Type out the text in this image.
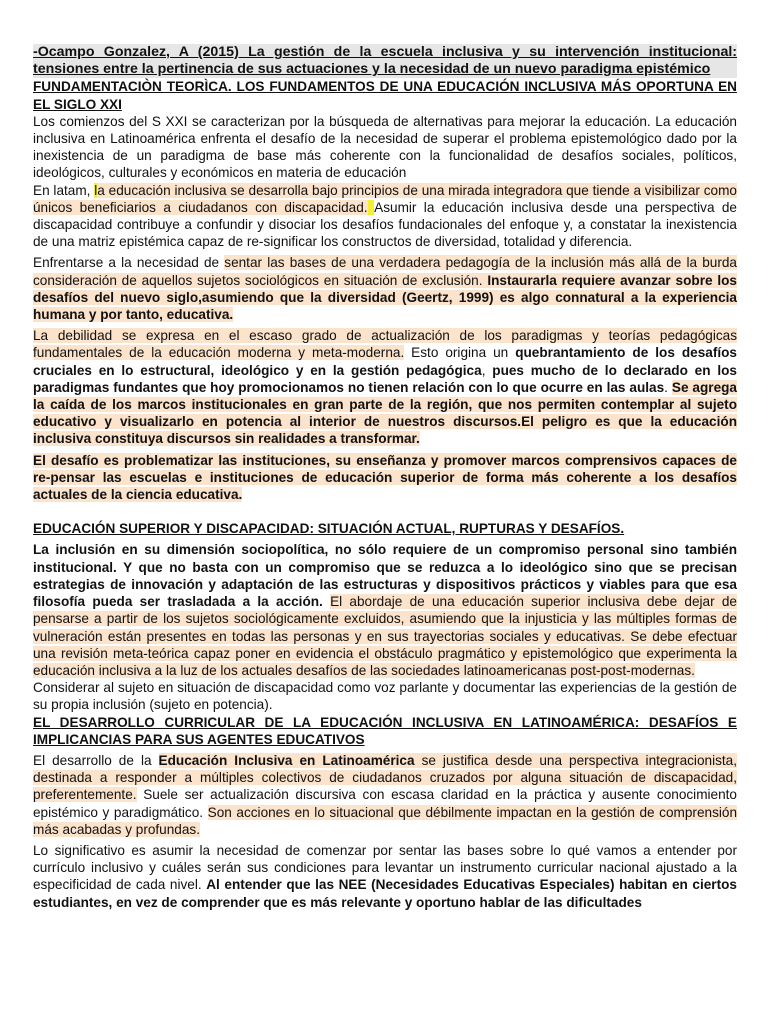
-Ocampo Gonzalez, A (2015) La gestión de la escuela inclusiva y su intervención institucional: tensiones entre la pertinencia de sus actuaciones y la necesidad de un nuevo paradigma epistémico

FUNDAMENTACIÒN TEORÌCA. LOS FUNDAMENTOS DE UNA EDUCACIÓN INCLUSIVA MÁS OPORTUNA EN EL SIGLO XXI

Los comienzos del S XXI se caracterizan por la búsqueda de alternativas para mejorar la educación. La educación inclusiva en Latinoamérica enfrenta el desafío de la necesidad de superar el problema epistemológico dado por la inexistencia de un paradigma de base más coherente con la funcionalidad de desafíos sociales, políticos, ideológicos, culturales y económicos en materia de educación

En latam, la educación inclusiva se desarrolla bajo principios de una mirada integradora que tiende a visibilizar como únicos beneficiarios a ciudadanos con discapacidad. Asumir la educación inclusiva desde una perspectiva de discapacidad contribuye a confundir y disociar los desafíos fundacionales del enfoque y, a constatar la inexistencia de una matriz epistémica capaz de re-significar los constructos de diversidad, totalidad y diferencia.

Enfrentarse a la necesidad de sentar las bases de una verdadera pedagogía de la inclusión más allá de la burda consideración de aquellos sujetos sociológicos en situación de exclusión. Instaurarla requiere avanzar sobre los desafíos del nuevo siglo,asumiendo que la diversidad (Geertz, 1999) es algo connatural a la experiencia humana y por tanto, educativa.

La debilidad se expresa en el escaso grado de actualización de los paradigmas y teorías pedagógicas fundamentales de la educación moderna y meta-moderna. Esto origina un quebrantamiento de los desafíos cruciales en lo estructural, ideológico y en la gestión pedagógica, pues mucho de lo declarado en los paradigmas fundantes que hoy promocionamos no tienen relación con lo que ocurre en las aulas. Se agrega la caída de los marcos institucionales en gran parte de la región, que nos permiten contemplar al sujeto educativo y visualizarlo en potencia al interior de nuestros discursos.El peligro es que la educación inclusiva constituya discursos sin realidades a transformar.

El desafío es problematizar las instituciones, su enseñanza y promover marcos comprensivos capaces de re-pensar las escuelas e instituciones de educación superior de forma más coherente a los desafíos actuales de la ciencia educativa.

EDUCACIÓN SUPERIOR Y DISCAPACIDAD: SITUACIÓN ACTUAL, RUPTURAS Y DESAFÍOS.

La inclusión en su dimensión sociopolítica, no sólo requiere de un compromiso personal sino también institucional. Y que no basta con un compromiso que se reduzca a lo ideológico sino que se precisan estrategias de innovación y adaptación de las estructuras y dispositivos prácticos y viables para que esa filosofía pueda ser trasladada a la acción. El abordaje de una educación superior inclusiva debe dejar de pensarse a partir de los sujetos sociológicamente excluidos, asumiendo que la injusticia y las múltiples formas de vulneración están presentes en todas las personas y en sus trayectorias sociales y educativas. Se debe efectuar una revisión meta-teórica capaz poner en evidencia el obstáculo pragmático y epistemológico que experimenta la educación inclusiva a la luz de los actuales desafíos de las sociedades latinoamericanas post-post-modernas.

Considerar al sujeto en situación de discapacidad como voz parlante y documentar las experiencias de la gestión de su propia inclusión (sujeto en potencia).

EL DESARROLLO CURRICULAR DE LA EDUCACIÓN INCLUSIVA EN LATINOAMÉRICA: DESAFÍOS E IMPLICANCIAS PARA SUS AGENTES EDUCATIVOS

El desarrollo de la Educación Inclusiva en Latinoamérica se justifica desde una perspectiva integracionista, destinada a responder a múltiples colectivos de ciudadanos cruzados por alguna situación de discapacidad, preferentemente. Suele ser actualización discursiva con escasa claridad en la práctica y ausente conocimiento epistémico y paradigmático. Son acciones en lo situacional que débilmente impactan en la gestión de comprensión más acabadas y profundas.

Lo significativo es asumir la necesidad de comenzar por sentar las bases sobre lo qué vamos a entender por currículo inclusivo y cuáles serán sus condiciones para levantar un instrumento curricular nacional ajustado a la especificidad de cada nivel. Al entender que las NEE (Necesidades Educativas Especiales) habitan en ciertos estudiantes, en vez de comprender que es más relevante y oportuno hablar de las dificultades
